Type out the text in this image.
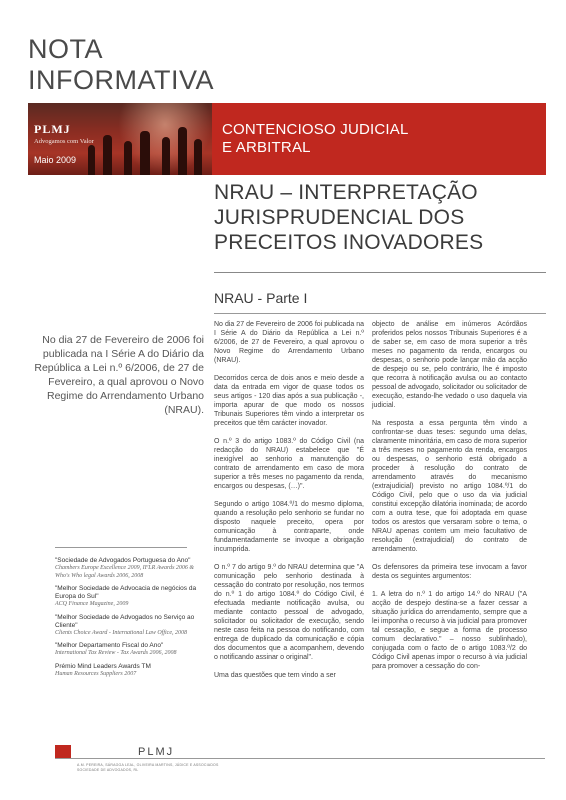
NOTA
INFORMATIVA
PLMJ
Advogamos com Valor
Maio 2009
CONTENCIOSO JUDICIAL
E ARBITRAL
NRAU – INTERPRETAÇÃO
JURISPRUDENCIAL DOS
PRECEITOS INOVADORES
NRAU - Parte I
No dia 27 de Fevereiro de 2006 foi publicada na I Série A do Diário da República a Lei n.º 6/2006, de 27 de Fevereiro, a qual aprovou o Novo Regime do Arrendamento Urbano (NRAU).
"Sociedade de Advogados Portuguesa do Ano"
Chambers Europe Excellence 2009, IFLR Awards 2006 & Who's Who legal Awards 2006, 2008
"Melhor Sociedade de Advocacia de negócios da Europa do Sul"
ACQ Finance Magazine, 2009
"Melhor Sociedade de Advogados no Serviço ao Cliente"
Clients Choice Award - International Law Office, 2008
"Melhor Departamento Fiscal do Ano"
International Tax Review - Tax Awards 2006, 2008
Prémio Mind Leaders Awards TM
Human Resources Suppliers 2007

No dia 27 de Fevereiro de 2006 foi publicada na I Série A do Diário da República a Lei n.º 6/2006, de 27 de Fevereiro, a qual aprovou o Novo Regime do Arrendamento Urbano (NRAU).

Decorridos cerca de dois anos e meio desde a data da entrada em vigor de quase todos os seus artigos - 120 dias após a sua publicação -, importa apurar de que modo os nossos Tribunais Superiores têm vindo a interpretar os preceitos que têm carácter inovador.

O n.º 3 do artigo 1083.º do Código Civil (na redacção do NRAU) estabelece que "É inexigível ao senhorio a manutenção do contrato de arrendamento em caso de mora superior a três meses no pagamento da renda, encargos ou despesas, (…)".

Segundo o artigo 1084.º/1 do mesmo diploma, quando a resolução pelo senhorio se fundar no disposto naquele preceito, opera por comunicação à contraparte, onde fundamentadamente se invoque a obrigação incumprida.

O n.º 7 do artigo 9.º do NRAU determina que "A comunicação pelo senhorio destinada à cessação do contrato por resolução, nos termos do n.º 1 do artigo 1084.º do Código Civil, é efectuada mediante notificação avulsa, ou mediante contacto pessoal de advogado, solicitador ou solicitador de execução, sendo neste caso feita na pessoa do notificando, com entrega de duplicado da comunicação e cópia dos documentos que a acompanhem, devendo o notificando assinar o original".

Uma das questões que tem vindo a ser

objecto de análise em inúmeros Acórdãos proferidos pelos nossos Tribunais Superiores é a de saber se, em caso de mora superior a três meses no pagamento da renda, encargos ou despesas, o senhorio pode lançar mão da acção de despejo ou se, pelo contrário, lhe é imposto que recorra à notificação avulsa ou ao contacto pessoal de advogado, solicitador ou solicitador de execução, estando-lhe vedado o uso daquela via judicial.

Na resposta a essa pergunta têm vindo a confrontar-se duas teses: segundo uma delas, claramente minoritária, em caso de mora superior a três meses no pagamento da renda, encargos ou despesas, o senhorio está obrigado a proceder à resolução do contrato de arrendamento através do mecanismo (extrajudicial) previsto no artigo 1084.º/1 do Código Civil, pelo que o uso da via judicial constitui excepção dilatória inominada; de acordo com a outra tese, que foi adoptada em quase todos os arestos que versaram sobre o tema, o NRAU apenas contem um meio facultativo de resolução (extrajudicial) do contrato de arrendamento.

Os defensores da primeira tese invocam a favor desta os seguintes argumentos:

1. A letra do n.º 1 do artigo 14.º do NRAU ("A acção de despejo destina-se a fazer cessar a situação jurídica do arrendamento, sempre que a lei imponha o recurso à via judicial para promover tal cessação, e segue a forma de processo comum declarativo." – nosso sublinhado), conjugada com o facto de o artigo 1083.º/2 do Código Civil apenas impor o recurso à via judicial para promover a cessação do con-

PLMJ
A.M. PEREIRA, SÁRAGGA LEAL, OLIVEIRA MARTINS, JÚDICE E ASSOCIADOS
SOCIEDADE DE ADVOGADOS, RL
